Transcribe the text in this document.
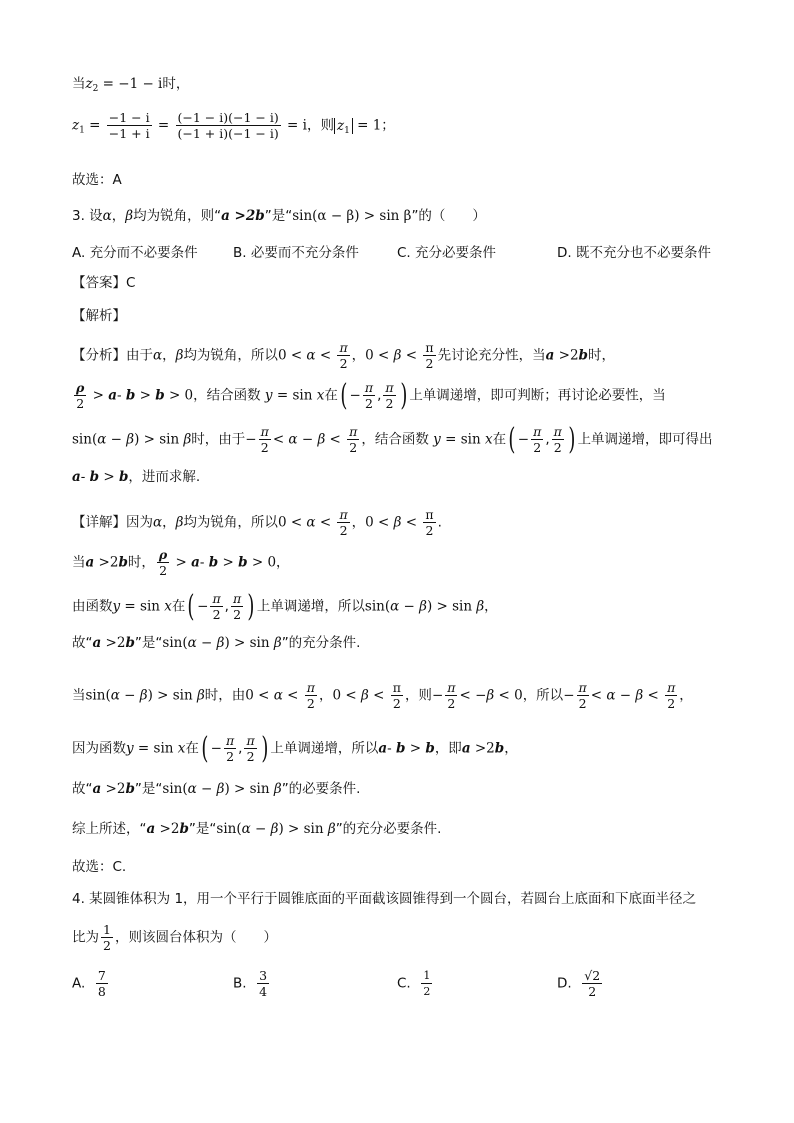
当$z_2 = -1 - i$时，
$z_1 = \frac{-1 - i}{-1 + i} = \frac{(-1 - i)(-1 - i)}{(-1 + i)(-1 - i)} = i$，则 $z_1 = 1$；
故选：A
3. 设α，β均为锐角，则“a >2b”是“sin(α − β) > sin β”的（　　）
A. 充分而不必要条件	B. 必要而不充分条件	C. 充分必要条件	D. 既不充分也不必要条件
【答案】C
【解析】
【分析】由于α，β均为锐角，所以$0 < \alpha < \frac{\pi}{2}$ ，$0 < \beta < \frac{\pi}{2}$ 先讨论充分性，当a >2b时，
$\frac{\rho}{2} > a-$ b > b > 0，结合函数 y = sin x在( − $\frac{\pi}{2}$ , $\frac{\pi}{2}$ ) 上单调递增，即可判断；再讨论必要性，当
sin(α − β) > sin β时，由于− $\frac{\pi}{2} < \alpha - \beta < \frac{\pi}{2}$ ，结合函数 y = sin x在( − $\frac{\pi}{2}$ , $\frac{\pi}{2}$ ) 上单调递增，即可得出
a- b > b，进而求解.
【详解】因为α，β均为锐角，所以$0 < \alpha < \frac{\pi}{2}$ ，$0 < \beta < \frac{\pi}{2}$ .
当a >2b时， $\frac{\rho}{2} > a-$ b > b > 0，
由函数y = sin x在( − $\frac{\pi}{2}$ , $\frac{\pi}{2}$ ) 上单调递增，所以sin(α − β) > sin β，
故“a >2b”是“sin(α − β) > sin β”的充分条件.
当sin(α − β) > sin β时，由$0 < \alpha < \frac{\pi}{2}$ ，$0 < \beta < \frac{\pi}{2}$ ，则− $\frac{\pi}{2} < -\beta < 0$，所以− $\frac{\pi}{2} < \alpha - \beta < \frac{\pi}{2}$ ，
因为函数y = sin x在( − $\frac{\pi}{2}$ , $\frac{\pi}{2}$ ) 上单调递增，所以a- b > b，即a >2b，
故“a >2b”是“sin(α − β) > sin β”的必要条件.
综上所述，“a >2b”是“sin(α − β) > sin β”的充分必要条件.
故选：C.
4. 某圆锥体积为 1，用一个平行于圆锥底面的平面截该圆锥得到一个圆台，若圆台上底面和下底面半径之
比为 $\frac{1}{2}$ ，则该圆台体积为（　　）
A. $\frac{7}{8}$	B. $\frac{3}{4}$	C. $\frac{1}{2}$	D. $\frac{√2}{2}$
